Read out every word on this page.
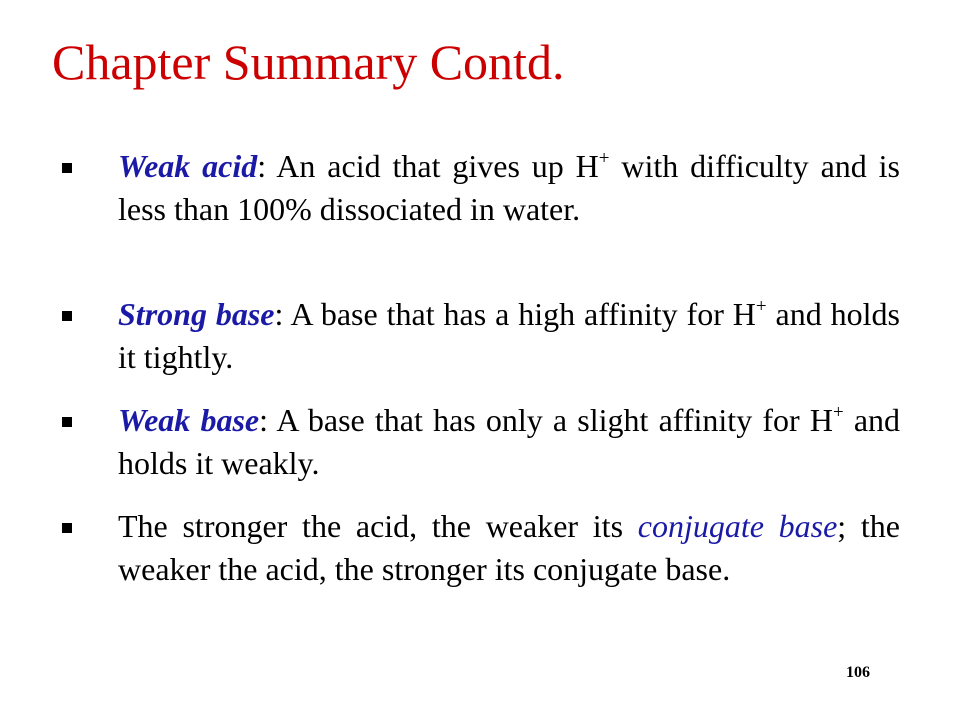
Chapter Summary Contd.
Weak acid: An acid that gives up H+ with difficulty and is less than 100% dissociated in water.
Strong base: A base that has a high affinity for H+ and holds it tightly.
Weak base: A base that has only a slight affinity for H+ and holds it weakly.
The stronger the acid, the weaker its conjugate base; the weaker the acid, the stronger its conjugate base.
106
